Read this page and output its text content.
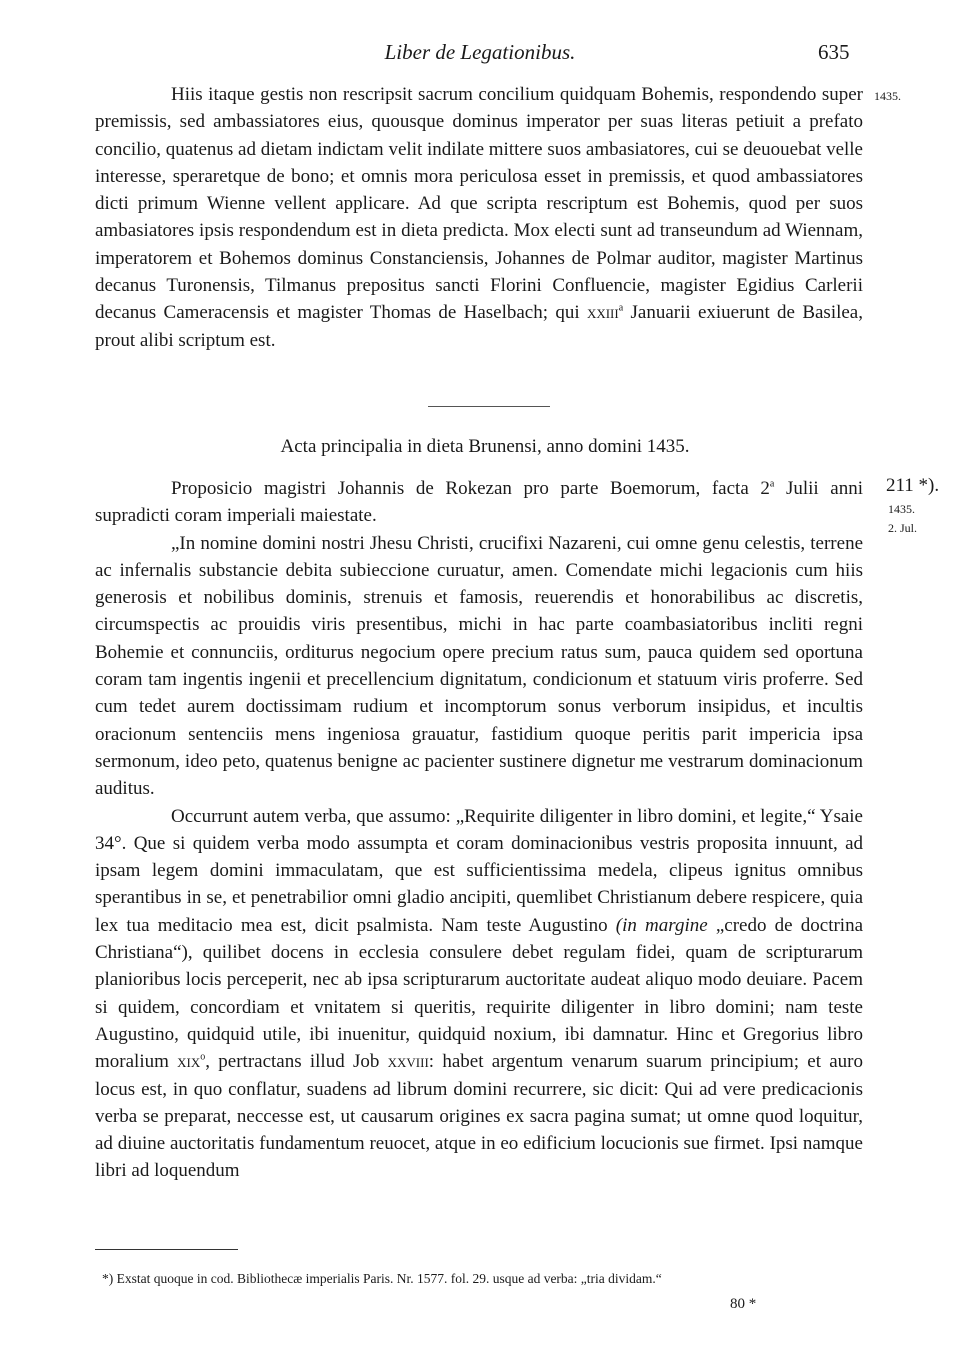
Liber de Legationibus.	635
1435.

Hiis itaque gestis non rescripsit sacrum concilium quidquam Bohemis, respondendo super premissis, sed ambassiatores eius, quousque dominus imperator per suas literas petiuit a prefato concilio, quatenus ad dietam indictam velit indilate mittere suos ambasiatores, cui se deuouebat velle interesse, speraretque de bono; et omnis mora periculosa esset in premissis, et quod ambassiatores dicti primum Wienne vellent applicare. Ad que scripta rescriptum est Bohemis, quod per suos ambasiatores ipsis respondendum est in dieta predicta. Mox electi sunt ad transeundum ad Wiennam, imperatorem et Bohemos dominus Constanciensis, Johannes de Polmar auditor, magister Martinus decanus Turonensis, Tilmanus prepositus sancti Florini Confluencie, magister Egidius Carlerii decanus Cameracensis et magister Thomas de Haselbach; qui xxiii$^a$ Januarii exiuerunt de Basilea, prout alibi scriptum est.

Acta principalia in dieta Brunensi, anno domini 1435.

211 *).
1435.
2. Jul.

Proposicio magistri Johannis de Rokezan pro parte Boemorum, facta 2$^a$ Julii anni supradicti coram imperiali maiestate.

„In nomine domini nostri Jhesu Christi, crucifixi Nazareni, cui omne genu celestis, terrene ac infernalis substancie debita subieccione curuatur, amen. Comendate michi legacionis cum hiis generosis et nobilibus dominis, strenuis et famosis, reuerendis et honorabilibus ac discretis, circumspectis ac prouidis viris presentibus, michi in hac parte coambasiatoribus incliti regni Bohemie et connunciis, orditurus negocium opere precium ratus sum, pauca quidem sed oportuna coram tam ingentis ingenii et precellencium dignitatum, condicionum et statuum viris proferre. Sed cum tedet aurem doctissimam rudium et incomptorum sonus verborum insipidus, et incultis oracionum sentenciis mens ingeniosa grauatur, fastidium quoque peritis parit impericia ipsa sermonum, ideo peto, quatenus benigne ac pacienter sustinere dignetur me vestrarum dominacionum auditus.

Occurrunt autem verba, que assumo: „Requirite diligenter in libro domini, et legite,“ Ysaie 34°. Que si quidem verba modo assumpta et coram dominacionibus vestris proposita innuunt, ad ipsam legem domini immaculatam, que est sufficientissima medela, clipeus ignitus omnibus sperantibus in se, et penetrabilior omni gladio ancipiti, quemlibet Christianum debere respicere, quia lex tua meditacio mea est, dicit psalmista. Nam teste Augustino (in margine „credo de doctrina Christiana“), quilibet docens in ecclesia consulere debet regulam fidei, quam de scripturarum planioribus locis perceperit, nec ab ipsa scripturarum auctoritate audeat aliquo modo deuiare. Pacem si quidem, concordiam et vnitatem si queritis, requirite diligenter in libro domini; nam teste Augustino, quidquid utile, ibi inuenitur, quidquid noxium, ibi damnatur. Hinc et Gregorius libro moralium xix$^o$, pertractans illud Job xxviii: habet argentum venarum suarum principium; et auro locus est, in quo conflatur, suadens ad librum domini recurrere, sic dicit: Qui ad vere predicacionis verba se preparat, neccesse est, ut causarum origines ex sacra pagina sumat; ut omne quod loquitur, ad diuine auctoritatis fundamentum reuocet, atque in eo edificium locucionis sue firmet. Ipsi namque libri ad loquendum

*) Exstat quoque in cod. Bibliothecæ imperialis Paris. Nr. 1577. fol. 29. usque ad verba: „tria dividam.“
80 *
